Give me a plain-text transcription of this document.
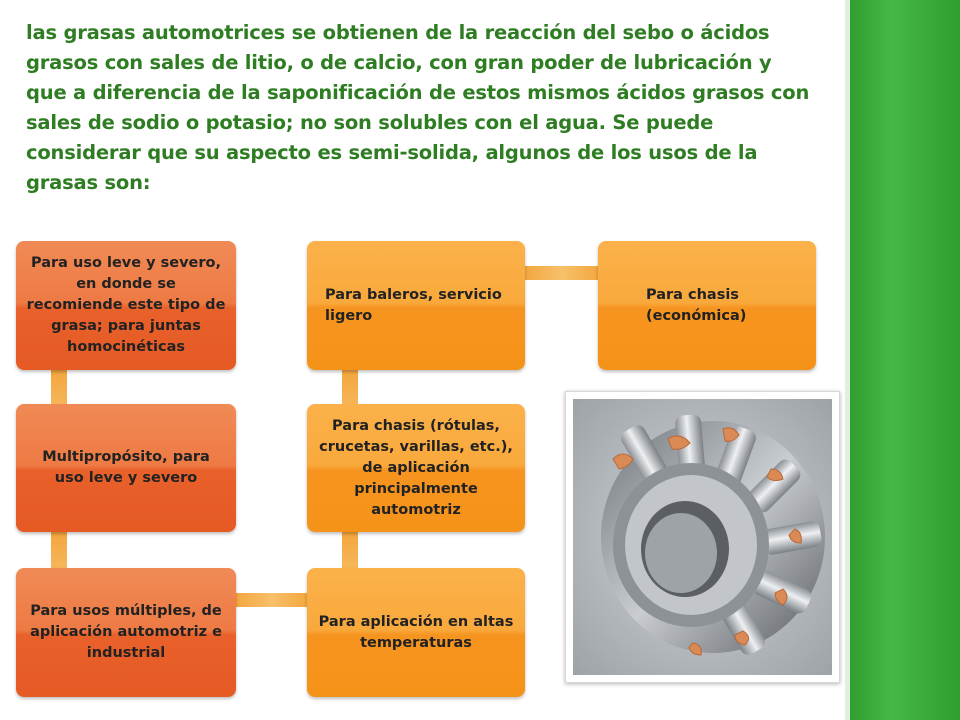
las grasas automotrices se obtienen de la reacción del sebo o ácidos grasos con sales de litio, o de calcio, con gran poder de lubricación y que a diferencia de la saponificación de estos mismos ácidos grasos con sales de sodio o potasio; no son solubles con el agua. Se puede considerar que su aspecto es semi-solida, algunos de los usos de la grasas son:

Para uso leve y severo, en donde se recomiende este tipo de grasa; para juntas homocinéticas
Multipropósito, para uso leve y severo
Para usos múltiples, de aplicación automotriz e industrial
Para aplicación en altas temperaturas
Para chasis (rótulas, crucetas, varillas, etc.), de aplicación principalmente automotriz
Para baleros, servicio ligero
Para chasis (económica)
